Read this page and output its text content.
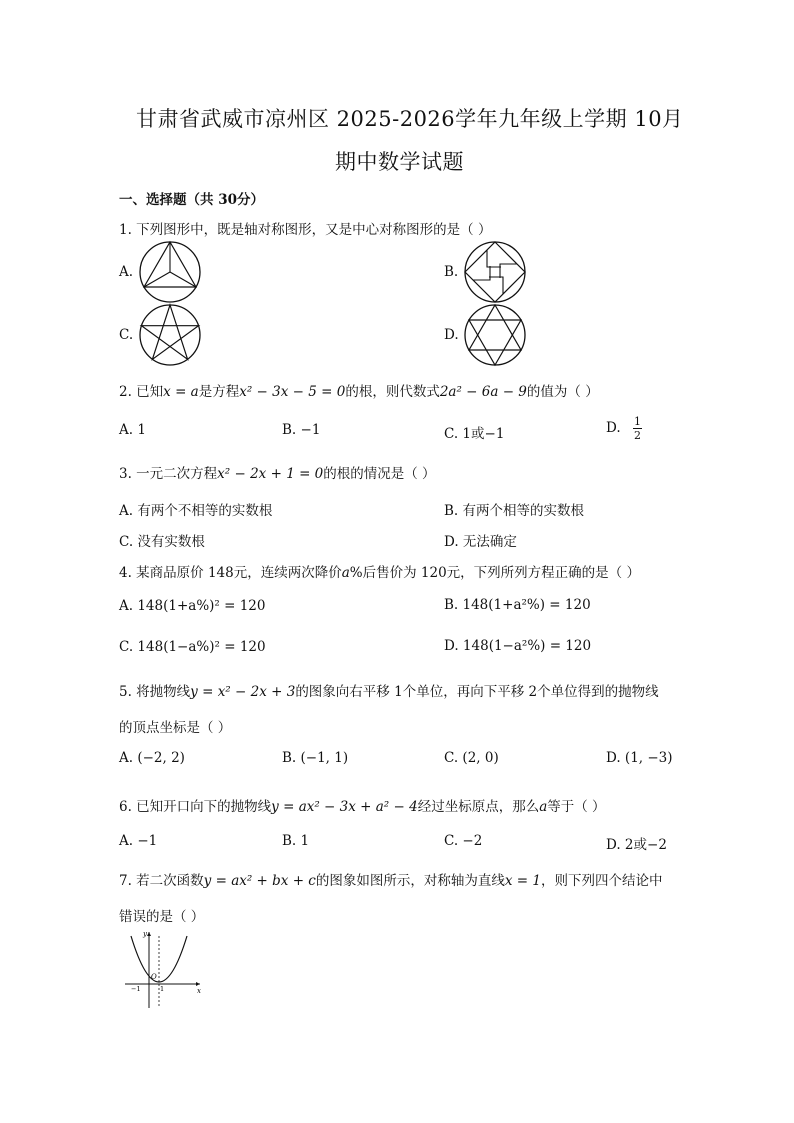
甘肃省武威市凉州区 2025-2026学年九年级上学期 10月
期中数学试题
一、选择题（共 30分）
1. 下列图形中，既是轴对称图形，又是中心对称图形的是（ ）
A.	B.
C.	D.
2. 已知x = a是方程x² − 3x − 5 = 0的根，则代数式2a² − 6a − 9的值为（ ）
A. 1	B. −1	C. 1或−1	D. $\frac{1}{2}$
3. 一元二次方程x² − 2x + 1 = 0的根的情况是（ ）
A. 有两个不相等的实数根	B. 有两个相等的实数根
C. 没有实数根	D. 无法确定
4. 某商品原价 148元，连续两次降价a%后售价为 120元，下列所列方程正确的是（ ）
A. 148(1+a%)² = 120	B. 148(1+a²%) = 120
C. 148(1−a%)² = 120	D. 148(1−a²%) = 120
5. 将抛物线y = x² − 2x + 3的图象向右平移 1个单位，再向下平移 2个单位得到的抛物线
的顶点坐标是（ ）
A. (−2, 2)	B. (−1, 1)	C. (2, 0)	D. (1, −3)
6. 已知开口向下的抛物线y = ax² − 3x + a² − 4经过坐标原点，那么a等于（ ）
A. −1	B. 1	C. −2	D. 2或−2
7. 若二次函数y = ax² + bx + c的图象如图所示，对称轴为直线x = 1，则下列四个结论中
错误的是（ ）
y
x
O
−1	1
